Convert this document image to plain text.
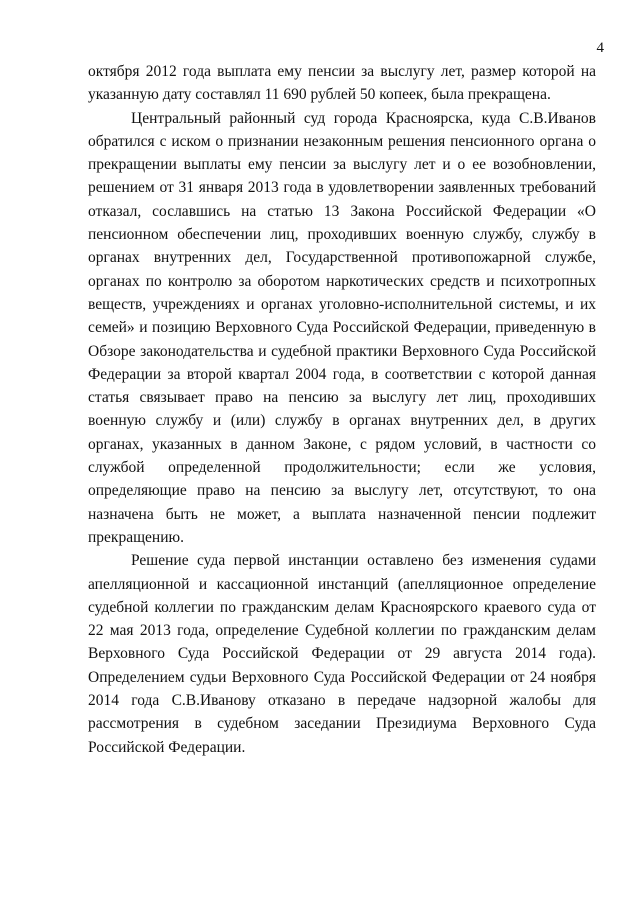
4

октября 2012 года выплата ему пенсии за выслугу лет, размер которой на указанную дату составлял 11 690 рублей 50 копеек, была прекращена.

Центральный районный суд города Красноярска, куда С.В.Иванов обратился с иском о признании незаконным решения пенсионного органа о прекращении выплаты ему пенсии за выслугу лет и о ее возобновлении, решением от 31 января 2013 года в удовлетворении заявленных требований отказал, сославшись на статью 13 Закона Российской Федерации «О пенсионном обеспечении лиц, проходивших военную службу, службу в органах внутренних дел, Государственной противопожарной службе, органах по контролю за оборотом наркотических средств и психотропных веществ, учреждениях и органах уголовно-исполнительной системы, и их семей» и позицию Верховного Суда Российской Федерации, приведенную в Обзоре законодательства и судебной практики Верховного Суда Российской Федерации за второй квартал 2004 года, в соответствии с которой данная статья связывает право на пенсию за выслугу лет лиц, проходивших военную службу и (или) службу в органах внутренних дел, в других органах, указанных в данном Законе, с рядом условий, в частности со службой определенной продолжительности; если же условия, определяющие право на пенсию за выслугу лет, отсутствуют, то она назначена быть не может, а выплата назначенной пенсии подлежит прекращению.

Решение суда первой инстанции оставлено без изменения судами апелляционной и кассационной инстанций (апелляционное определение судебной коллегии по гражданским делам Красноярского краевого суда от 22 мая 2013 года, определение Судебной коллегии по гражданским делам Верховного Суда Российской Федерации от 29 августа 2014 года). Определением судьи Верховного Суда Российской Федерации от 24 ноября 2014 года С.В.Иванову отказано в передаче надзорной жалобы для рассмотрения в судебном заседании Президиума Верховного Суда Российской Федерации.
